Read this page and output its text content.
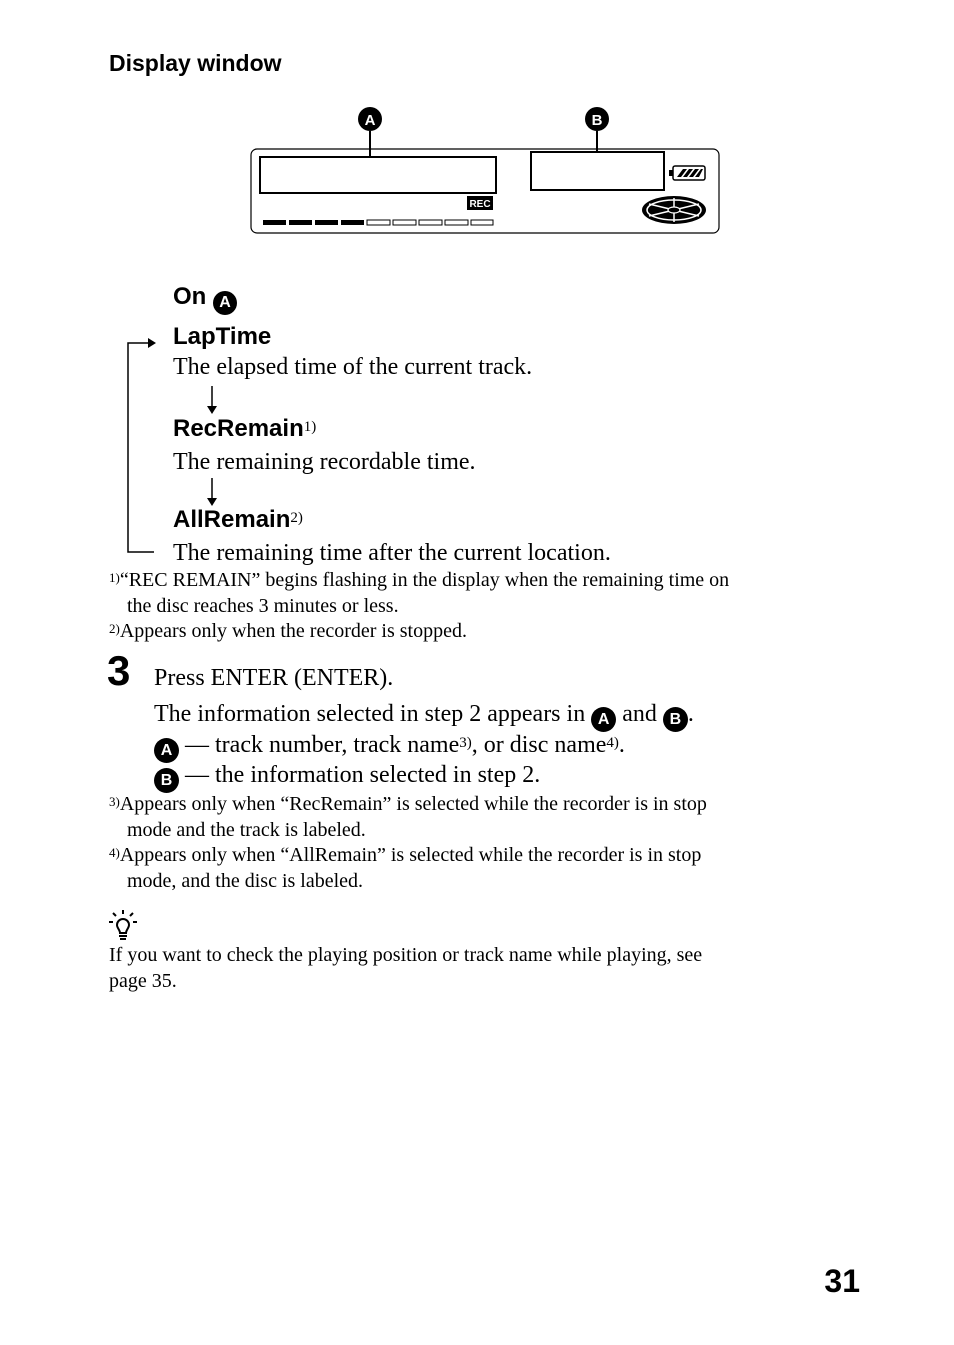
Display window
A	B
REC
On A
LapTime
The elapsed time of the current track.
RecRemain$^{1)}$
The remaining recordable time.
AllRemain$^{2)}$
The remaining time after the current location.
$^{1)}$“REC REMAIN” begins flashing in the display when the remaining time on
the disc reaches 3 minutes or less.
$^{2)}$Appears only when the recorder is stopped.
3 Press ENTER (ENTER).
The information selected in step 2 appears in A and B .
A — track number, track name$^{3)}$, or disc name$^{4)}$.
B — the information selected in step 2.
$^{3)}$Appears only when “RecRemain” is selected while the recorder is in stop
mode and the track is labeled.
$^{4)}$Appears only when “AllRemain” is selected while the recorder is in stop
mode, and the disc is labeled.
If you want to check the playing position or track name while playing, see
page 35.
31
